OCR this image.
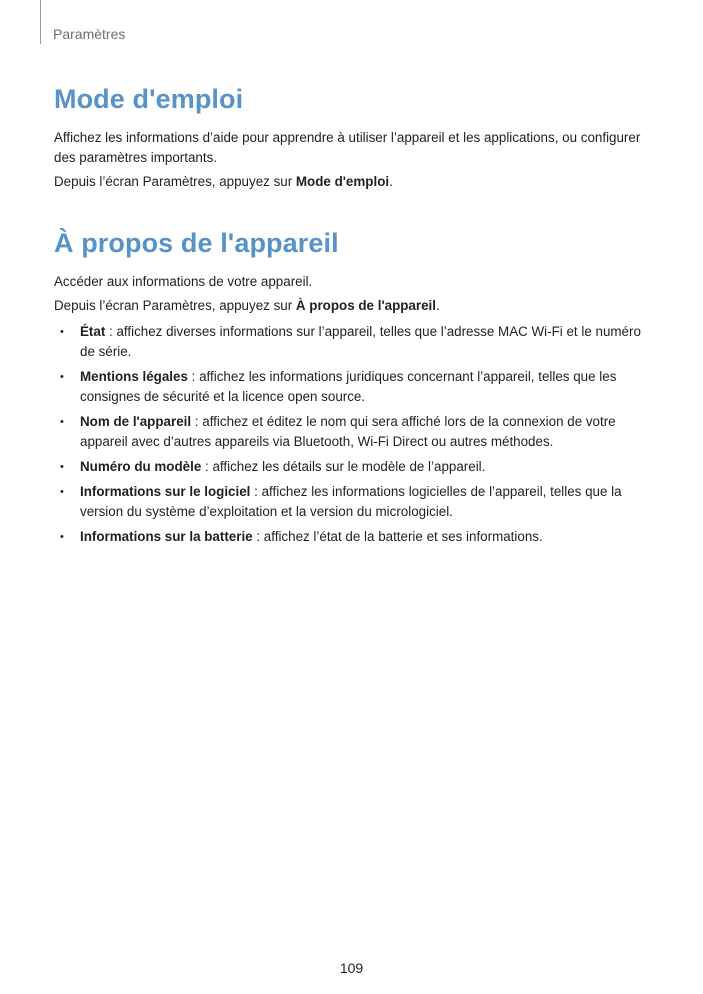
Paramètres
Mode d'emploi

Affichez les informations d’aide pour apprendre à utiliser l’appareil et les applications, ou configurer des paramètres importants.

Depuis l’écran Paramètres, appuyez sur Mode d'emploi.

À propos de l'appareil

Accéder aux informations de votre appareil.

Depuis l’écran Paramètres, appuyez sur À propos de l'appareil.

• État : affichez diverses informations sur l’appareil, telles que l’adresse MAC Wi-Fi et le numéro de série.
• Mentions légales : affichez les informations juridiques concernant l’appareil, telles que les consignes de sécurité et la licence open source.
• Nom de l'appareil : affichez et éditez le nom qui sera affiché lors de la connexion de votre appareil avec d’autres appareils via Bluetooth, Wi-Fi Direct ou autres méthodes.
• Numéro du modèle : affichez les détails sur le modèle de l’appareil.
• Informations sur le logiciel : affichez les informations logicielles de l’appareil, telles que la version du système d’exploitation et la version du micrologiciel.
• Informations sur la batterie : affichez l’état de la batterie et ses informations.
109
